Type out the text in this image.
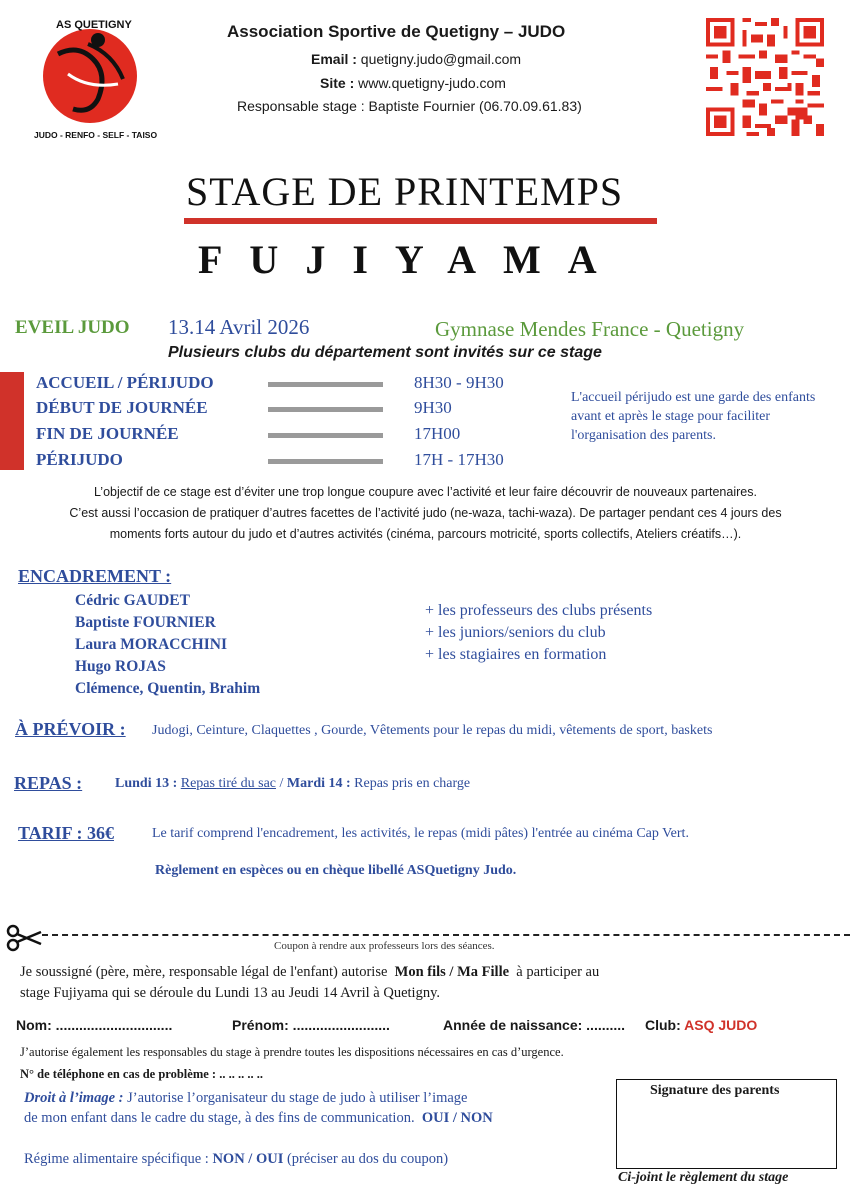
AS QUETIGNY
JUDO - RENFO - SELF - TAISO
Association Sportive de Quetigny – JUDO
Email : quetigny.judo@gmail.com
Site : www.quetigny-judo.com
Responsable stage : Baptiste Fournier (06.70.09.61.83)
STAGE DE PRINTEMPS
FUJIYAMA
EVEIL JUDO 13.14 Avril 2026	Gymnase Mendes France - Quetigny
Plusieurs clubs du département sont invités sur ce stage
ACCUEIL / PÉRIJUDO	8H30 - 9H30
DÉBUT DE JOURNÉE	9H30
FIN DE JOURNÉE	17H00
PÉRIJUDO	17H - 17H30
L'accueil périjudo est une garde des enfants avant et après le stage pour faciliter l'organisation des parents.
L’objectif de ce stage est d’éviter une trop longue coupure avec l’activité et leur faire découvrir de nouveaux partenaires.
C’est aussi l’occasion de pratiquer d’autres facettes de l’activité judo (ne-waza, tachi-waza). De partager pendant ces 4 jours des
moments forts autour du judo et d’autres activités (cinéma, parcours motricité, sports collectifs, Ateliers créatifs…).
ENCADREMENT :
Cédric GAUDET
Baptiste FOURNIER
Laura MORACCHINI
Hugo ROJAS
Clémence, Quentin, Brahim
+ les professeurs des clubs présents
+ les juniors/seniors du club
+ les stagiaires en formation
À PRÉVOIR : Judogi, Ceinture, Claquettes , Gourde, Vêtements pour le repas du midi, vêtements de sport, baskets
REPAS : Lundi 13 : Repas tiré du sac / Mardi 14 : Repas pris en charge
TARIF : 36€	Le tarif comprend l'encadrement, les activités, le repas (midi pâtes) l'entrée au cinéma Cap Vert.
Règlement en espèces ou en chèque libellé ASQuetigny Judo.
Coupon à rendre aux professeurs lors des séances.
Je soussigné (père, mère, responsable légal de l'enfant) autorise Mon fils / Ma Fille à participer au
stage Fujiyama qui se déroule du Lundi 13 au Jeudi 14 Avril à Quetigny.
Nom: ..............................	Prénom: .........................	Année de naissance: .......... Club: ASQ JUDO
J’autorise également les responsables du stage à prendre toutes les dispositions nécessaires en cas d’urgence.
N° de téléphone en cas de problème : .. .. .. .. ..
Droit à l’image : J’autorise l’organisateur du stage de judo à utiliser l’image
de mon enfant dans le cadre du stage, à des fins de communication. OUI / NON
Régime alimentaire spécifique : NON / OUI (préciser au dos du coupon)
Signature des parents
Ci-joint le règlement du stage
